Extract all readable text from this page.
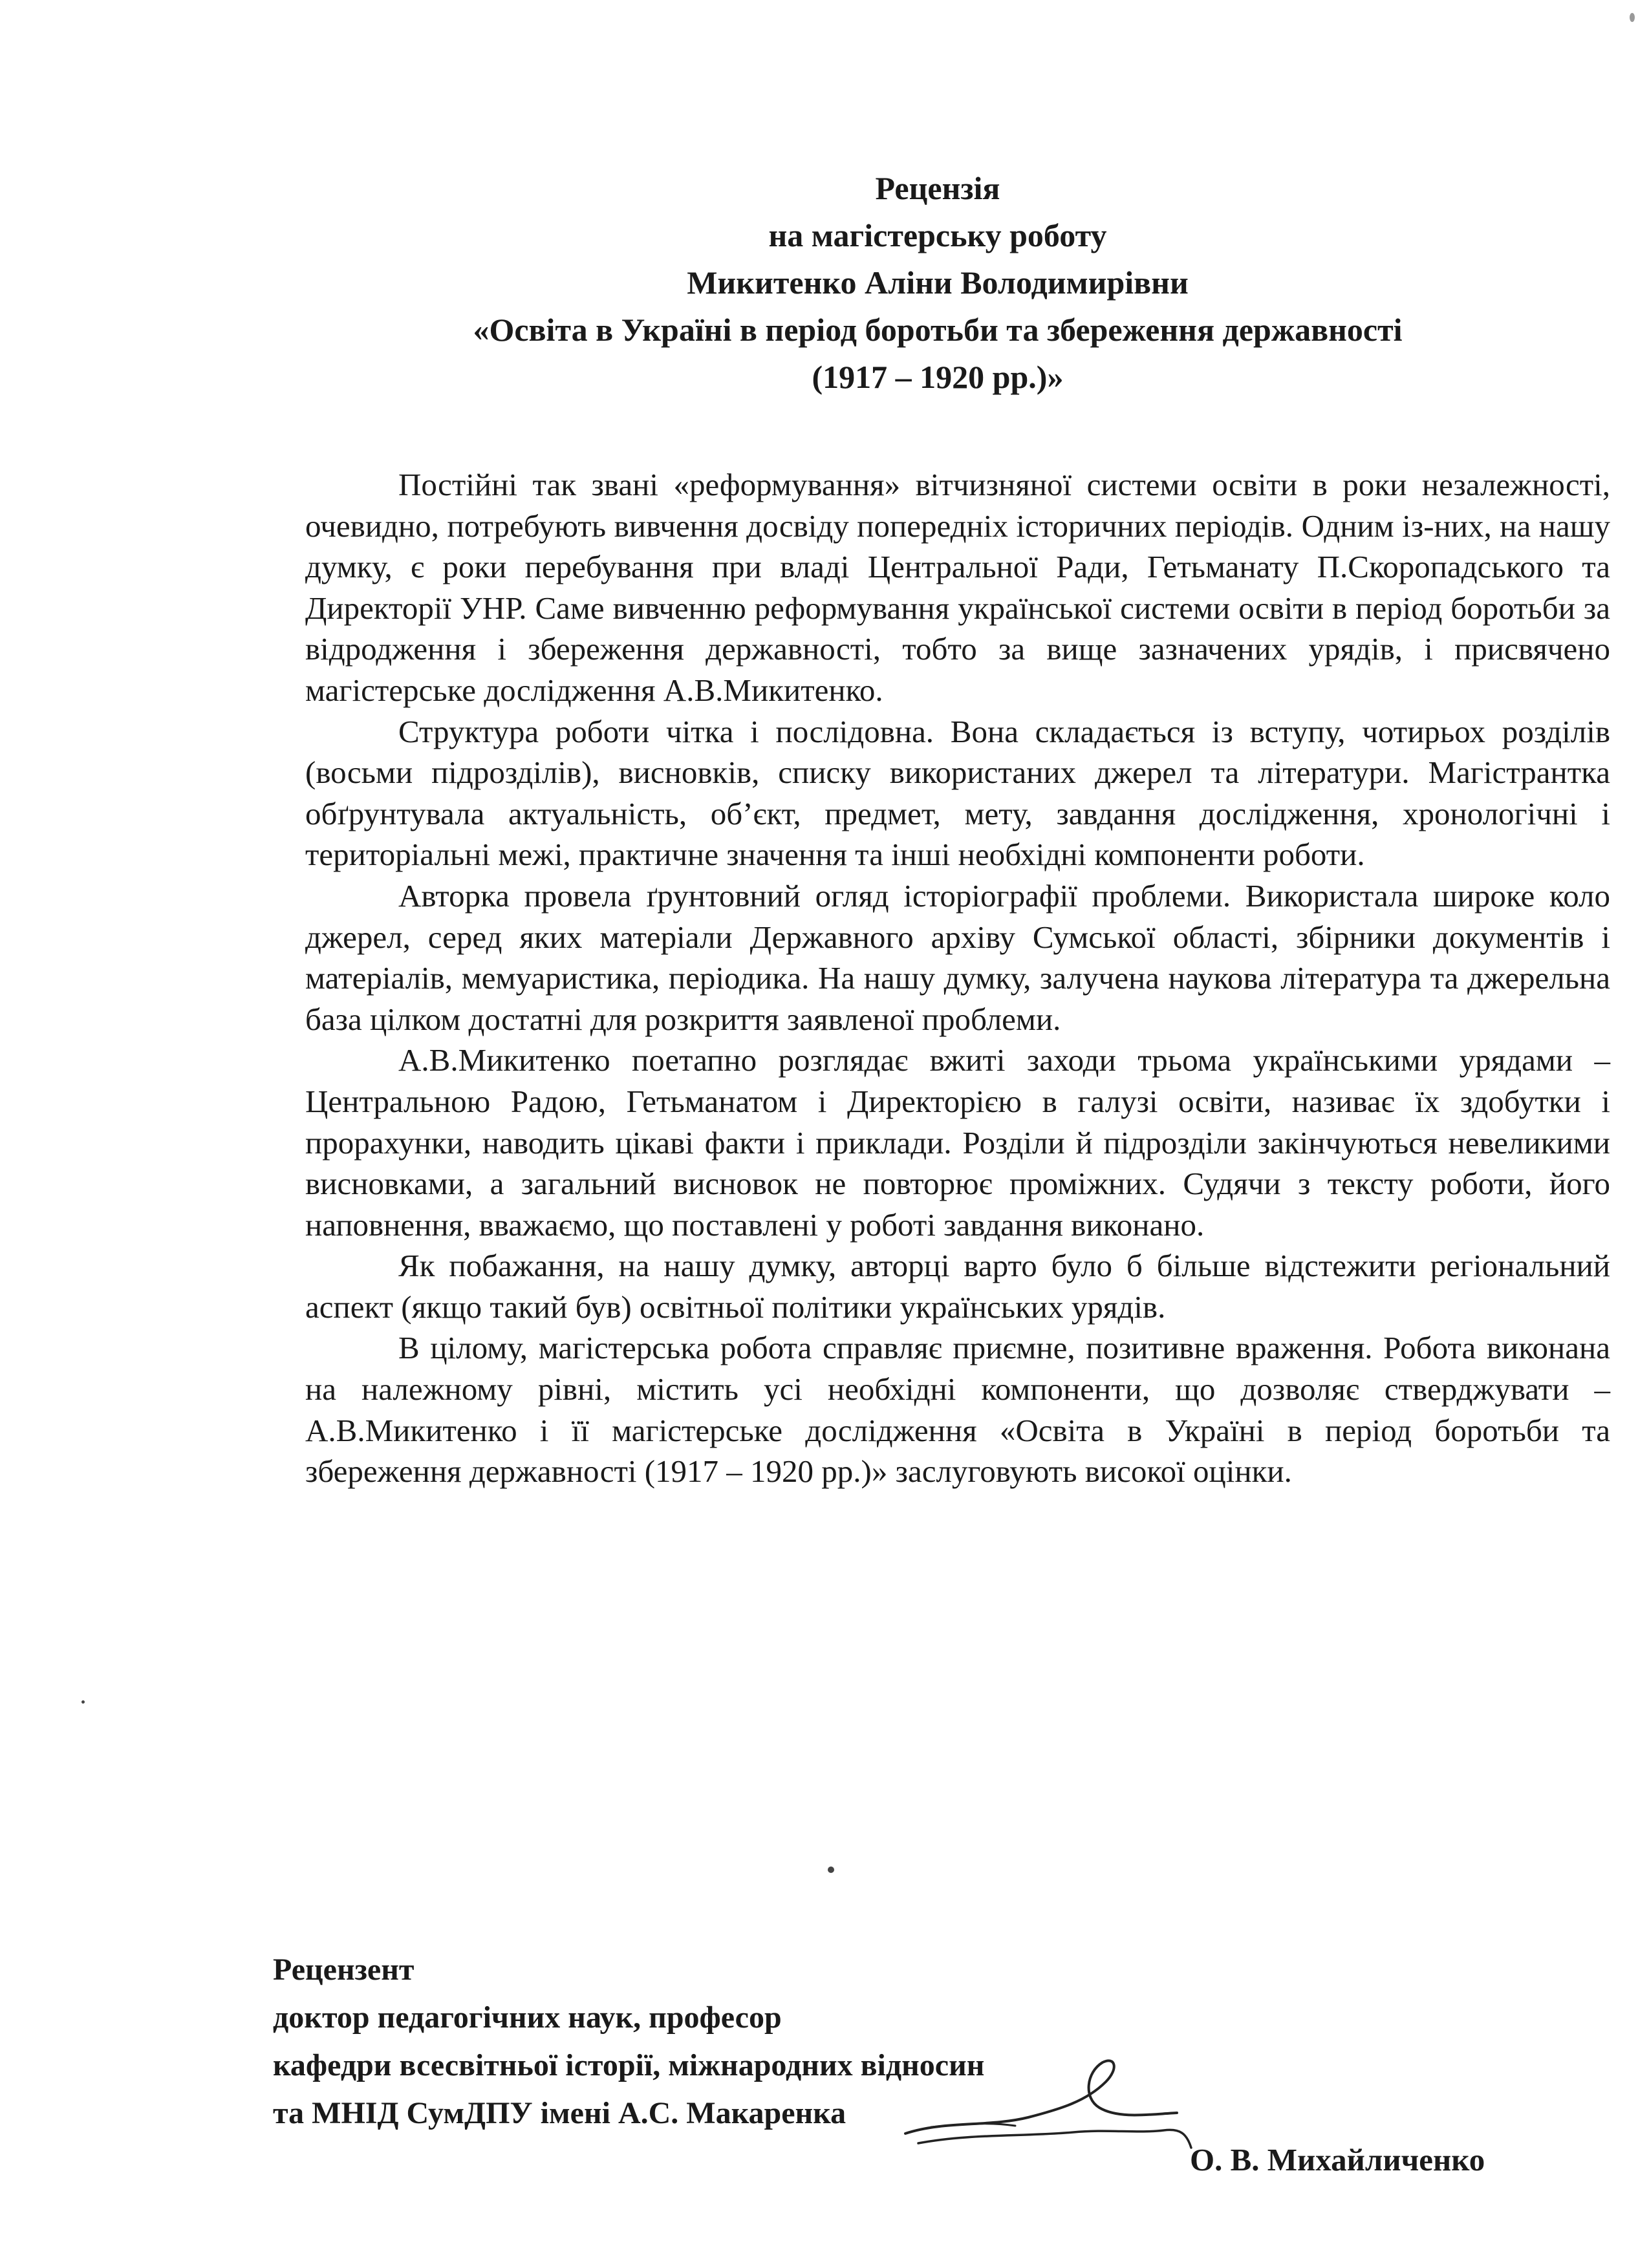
Рецензія
на магістерську роботу
Микитенко Аліни Володимирівни
«Освіта в Україні в період боротьби та збереження державності
(1917 – 1920 рр.)»

Постійні так звані «реформування» вітчизняної системи освіти в роки незалежності, очевидно, потребують вивчення досвіду попередніх історичних періодів. Одним із-них, на нашу думку, є роки перебування при владі Центральної Ради, Гетьманату П.Скоропадського та Директорії УНР. Саме вивченню реформування української системи освіти в період боротьби за відродження і збереження державності, тобто за вище зазначених урядів, і присвячено магістерське дослідження А.В.Микитенко.

Структура роботи чітка і послідовна. Вона складається із вступу, чотирьох розділів (восьми підрозділів), висновків, списку використаних джерел та літератури. Магістрантка обґрунтувала актуальність, об’єкт, предмет, мету, завдання дослідження, хронологічні і територіальні межі, практичне значення та інші необхідні компоненти роботи.

Авторка провела ґрунтовний огляд історіографії проблеми. Використала широке коло джерел, серед яких матеріали Державного архіву Сумської області, збірники документів і матеріалів, мемуаристика, періодика. На нашу думку, залучена наукова література та джерельна база цілком достатні для розкриття заявленої проблеми.

А.В.Микитенко поетапно розглядає вжиті заходи трьома українськими урядами – Центральною Радою, Гетьманатом і Директорією в галузі освіти, називає їх здобутки і прорахунки, наводить цікаві факти і приклади. Розділи й підрозділи закінчуються невеликими висновками, а загальний висновок не повторює проміжних. Судячи з тексту роботи, його наповнення, вважаємо, що поставлені у роботі завдання виконано.

Як побажання, на нашу думку, авторці варто було б більше відстежити регіональний аспект (якщо такий був) освітньої політики українських урядів.

В цілому, магістерська робота справляє приємне, позитивне враження. Робота виконана на належному рівні, містить усі необхідні компоненти, що дозволяє стверджувати – А.В.Микитенко і її магістерське дослідження «Освіта в Україні в період боротьби та збереження державності (1917 – 1920 рр.)» заслуговують високої оцінки.

Рецензент
доктор педагогічних наук, професор
кафедри всесвітньої історії, міжнародних відносин
та МНІД СумДПУ імені А.С. Макаренка
О. В. Михайличенко
